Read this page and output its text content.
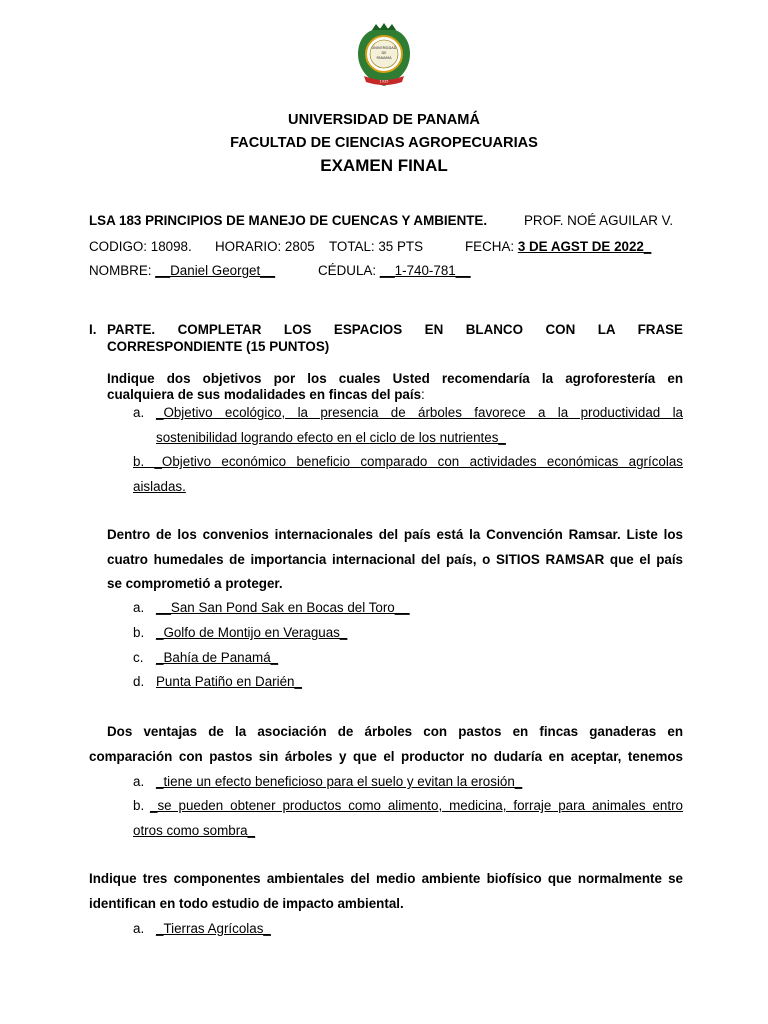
UNIVERSIDAD
DE
PANAMÁ
1935
UNIVERSIDAD DE PANAMÁ
FACULTAD DE CIENCIAS AGROPECUARIAS
EXAMEN FINAL
LSA 183 PRINCIPIOS DE MANEJO DE CUENCAS Y AMBIENTE.	PROF. NOÉ AGUILAR V.
CODIGO: 18098. HORARIO: 2805 TOTAL: 35 PTS	FECHA: 3 DE AGST DE 2022_
NOMBRE: __Daniel Georget__	CÉDULA: __1-740-781__
I. PARTE. COMPLETAR LOS ESPACIOS EN BLANCO CON LA FRASE
CORRESPONDIENTE (15 PUNTOS)
Indique dos objetivos por los cuales Usted recomendaría la agroforestería en
cualquiera de sus modalidades en fincas del país:
a. _Objetivo ecológico, la presencia de árboles favorece a la productividad la
sostenibilidad logrando efecto en el ciclo de los nutrientes_
b. _Objetivo económico beneficio comparado con actividades económicas agrícolas
aisladas.
Dentro de los convenios internacionales del país está la Convención Ramsar. Liste los
cuatro humedales de importancia internacional del país, o SITIOS RAMSAR que el país
se comprometió a proteger.
a. __San San Pond Sak en Bocas del Toro__
b. _Golfo de Montijo en Veraguas_
c. _Bahía de Panamá_
d. Punta Patiño en Darién_
Dos ventajas de la asociación de árboles con pastos en fincas ganaderas en
comparación con pastos sin árboles y que el productor no dudaría en aceptar, tenemos
a. _tiene un efecto beneficioso para el suelo y evitan la erosión_
b. _se pueden obtener productos como alimento, medicina, forraje para animales entro
otros como sombra_
Indique tres componentes ambientales del medio ambiente biofísico que normalmente se
identifican en todo estudio de impacto ambiental.
a. _Tierras Agrícolas_
